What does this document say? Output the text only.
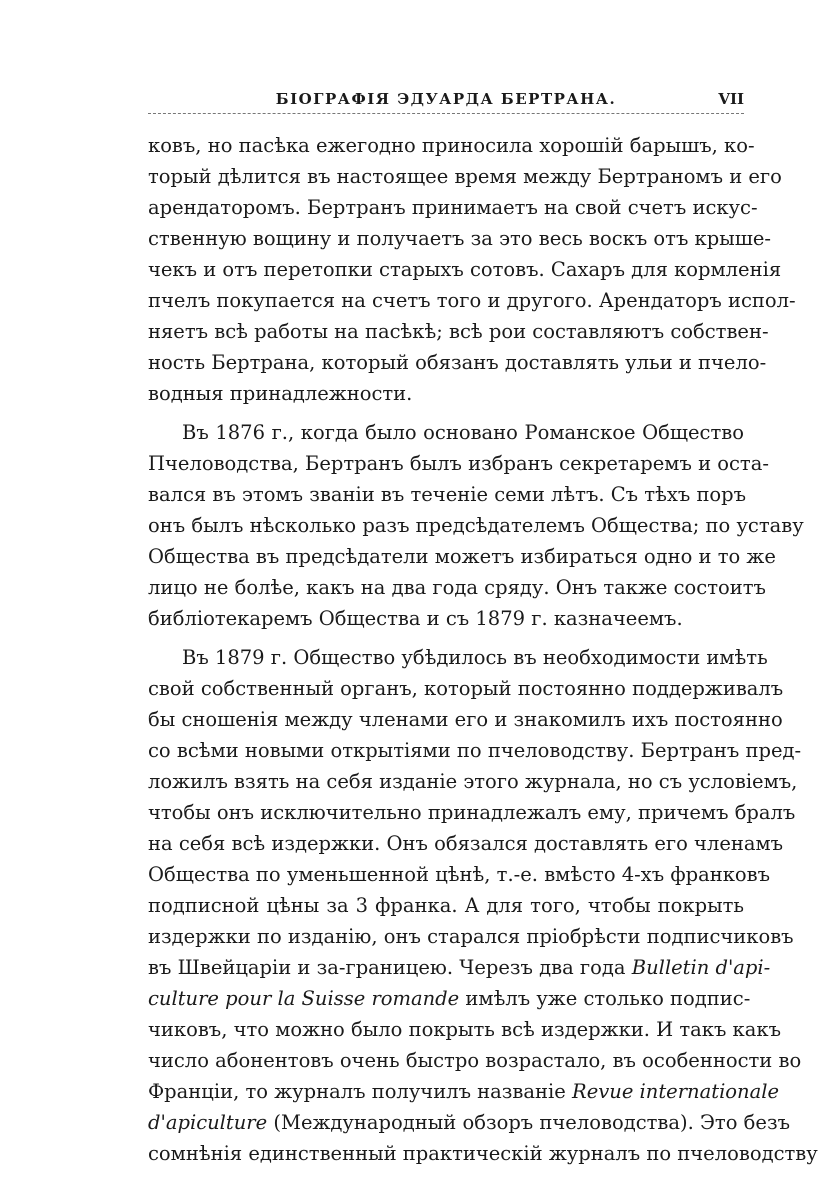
БІОГРАФІЯ ЭДУАРДА БЕРТРАНА.	VII
ковъ, но пасѣка ежегодно приносила хорошій барышъ, ко-
торый дѣлится въ настоящее время между Бертраномъ и его
арендаторомъ. Бертранъ принимаетъ на свой счетъ искус-
ственную вощину и получаетъ за это весь воскъ отъ крыше-
чекъ и отъ перетопки старыхъ сотовъ. Сахаръ для кормленія
пчелъ покупается на счетъ того и другого. Арендаторъ испол-
няетъ всѣ работы на пасѣкѣ; всѣ рои составляютъ собствен-
ность Бертрана, который обязанъ доставлять ульи и пчело-
водныя принадлежности.
Въ 1876 г., когда было основано Романское Общество
Пчеловодства, Бертранъ былъ избранъ секретаремъ и оста-
вался въ этомъ званіи въ теченіе семи лѣтъ. Съ тѣхъ поръ
онъ былъ нѣсколько разъ предсѣдателемъ Общества; по уставу
Общества въ предсѣдатели можетъ избираться одно и то же
лицо не болѣе, какъ на два года сряду. Онъ также состоитъ
библіотекаремъ Общества и съ 1879 г. казначеемъ.
Въ 1879 г. Общество убѣдилось въ необходимости имѣть
свой собственный органъ, который постоянно поддерживалъ
бы сношенія между членами его и знакомилъ ихъ постоянно
со всѣми новыми открытіями по пчеловодству. Бертранъ пред-
ложилъ взять на себя изданіе этого журнала, но съ условіемъ,
чтобы онъ исключительно принадлежалъ ему, причемъ бралъ
на себя всѣ издержки. Онъ обязался доставлять его членамъ
Общества по уменьшенной цѣнѣ, т.-е. вмѣсто 4-хъ франковъ
подписной цѣны за 3 франка. А для того, чтобы покрыть
издержки по изданію, онъ старался пріобрѣсти подписчиковъ
въ Швейцаріи и за-границею. Черезъ два года Bulletin d'api-
culture pour la Suisse romande имѣлъ уже столько подпис-
чиковъ, что можно было покрыть всѣ издержки. И такъ какъ
число абонентовъ очень быстро возрастало, въ особенности во
Франціи, то журналъ получилъ названіе Revue internationale
d'apiculture (Международный обзоръ пчеловодства). Это безъ
сомнѣнія единственный практическій журналъ по пчеловодству
